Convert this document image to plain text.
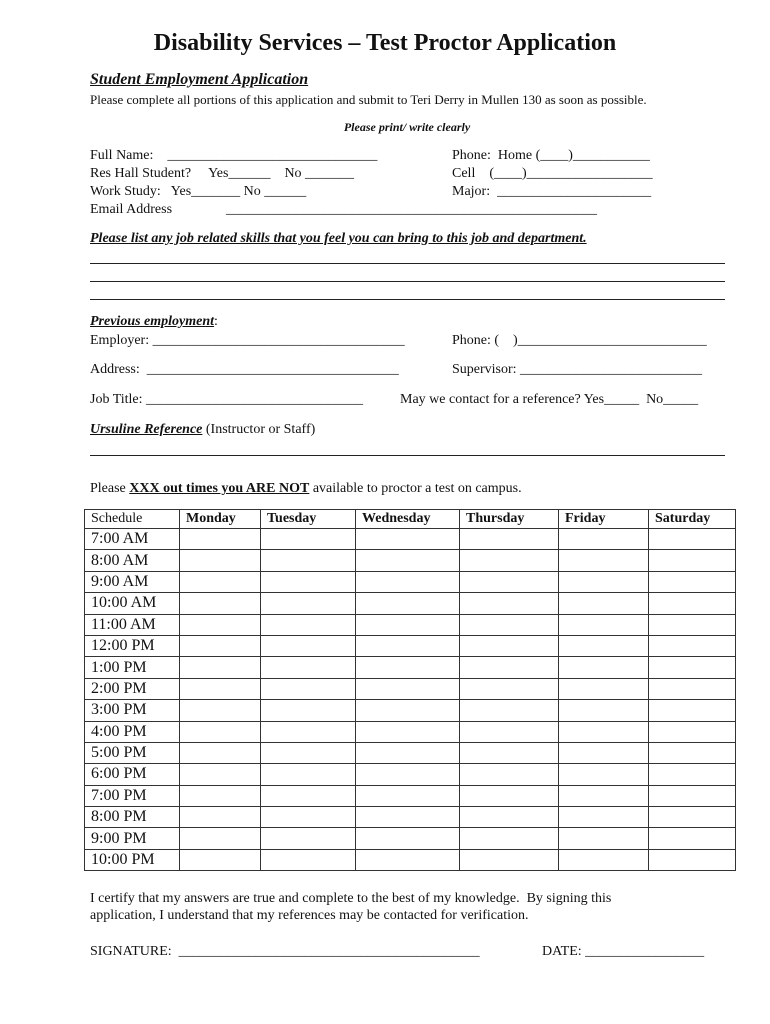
Disability Services – Test Proctor Application
Student Employment Application
Please complete all portions of this application and submit to Teri Derry in Mullen 130 as soon as possible.
Please print/ write clearly
Full Name:    ______________________________
Res Hall Student?     Yes______    No _______
Work Study:   Yes_______ No ______
Email Address	_____________________________________________________
Phone:  Home (____)___________
Cell    (____)__________________
Major:  ______________________
Please list any job related skills that you feel you can bring to this job and department.
Previous employment:
Employer: ____________________________________	Phone: (    )___________________________
Address:  ____________________________________	Supervisor: __________________________
Job Title: _______________________________	May we contact for a reference? Yes_____  No_____
Ursuline Reference (Instructor or Staff)
Please XXX out times you ARE NOT available to proctor a test on campus.
Schedule	Monday	Tuesday	Wednesday	Thursday	Friday	Saturday
7:00 AM						
8:00 AM						
9:00 AM						
10:00 AM						
11:00 AM						
12:00 PM						
1:00 PM						
2:00 PM						
3:00 PM						
4:00 PM						
5:00 PM						
6:00 PM						
7:00 PM						
8:00 PM						
9:00 PM						
10:00 PM						
I certify that my answers are true and complete to the best of my knowledge.  By signing this
application, I understand that my references may be contacted for verification.
SIGNATURE:  ___________________________________________	DATE: _________________
